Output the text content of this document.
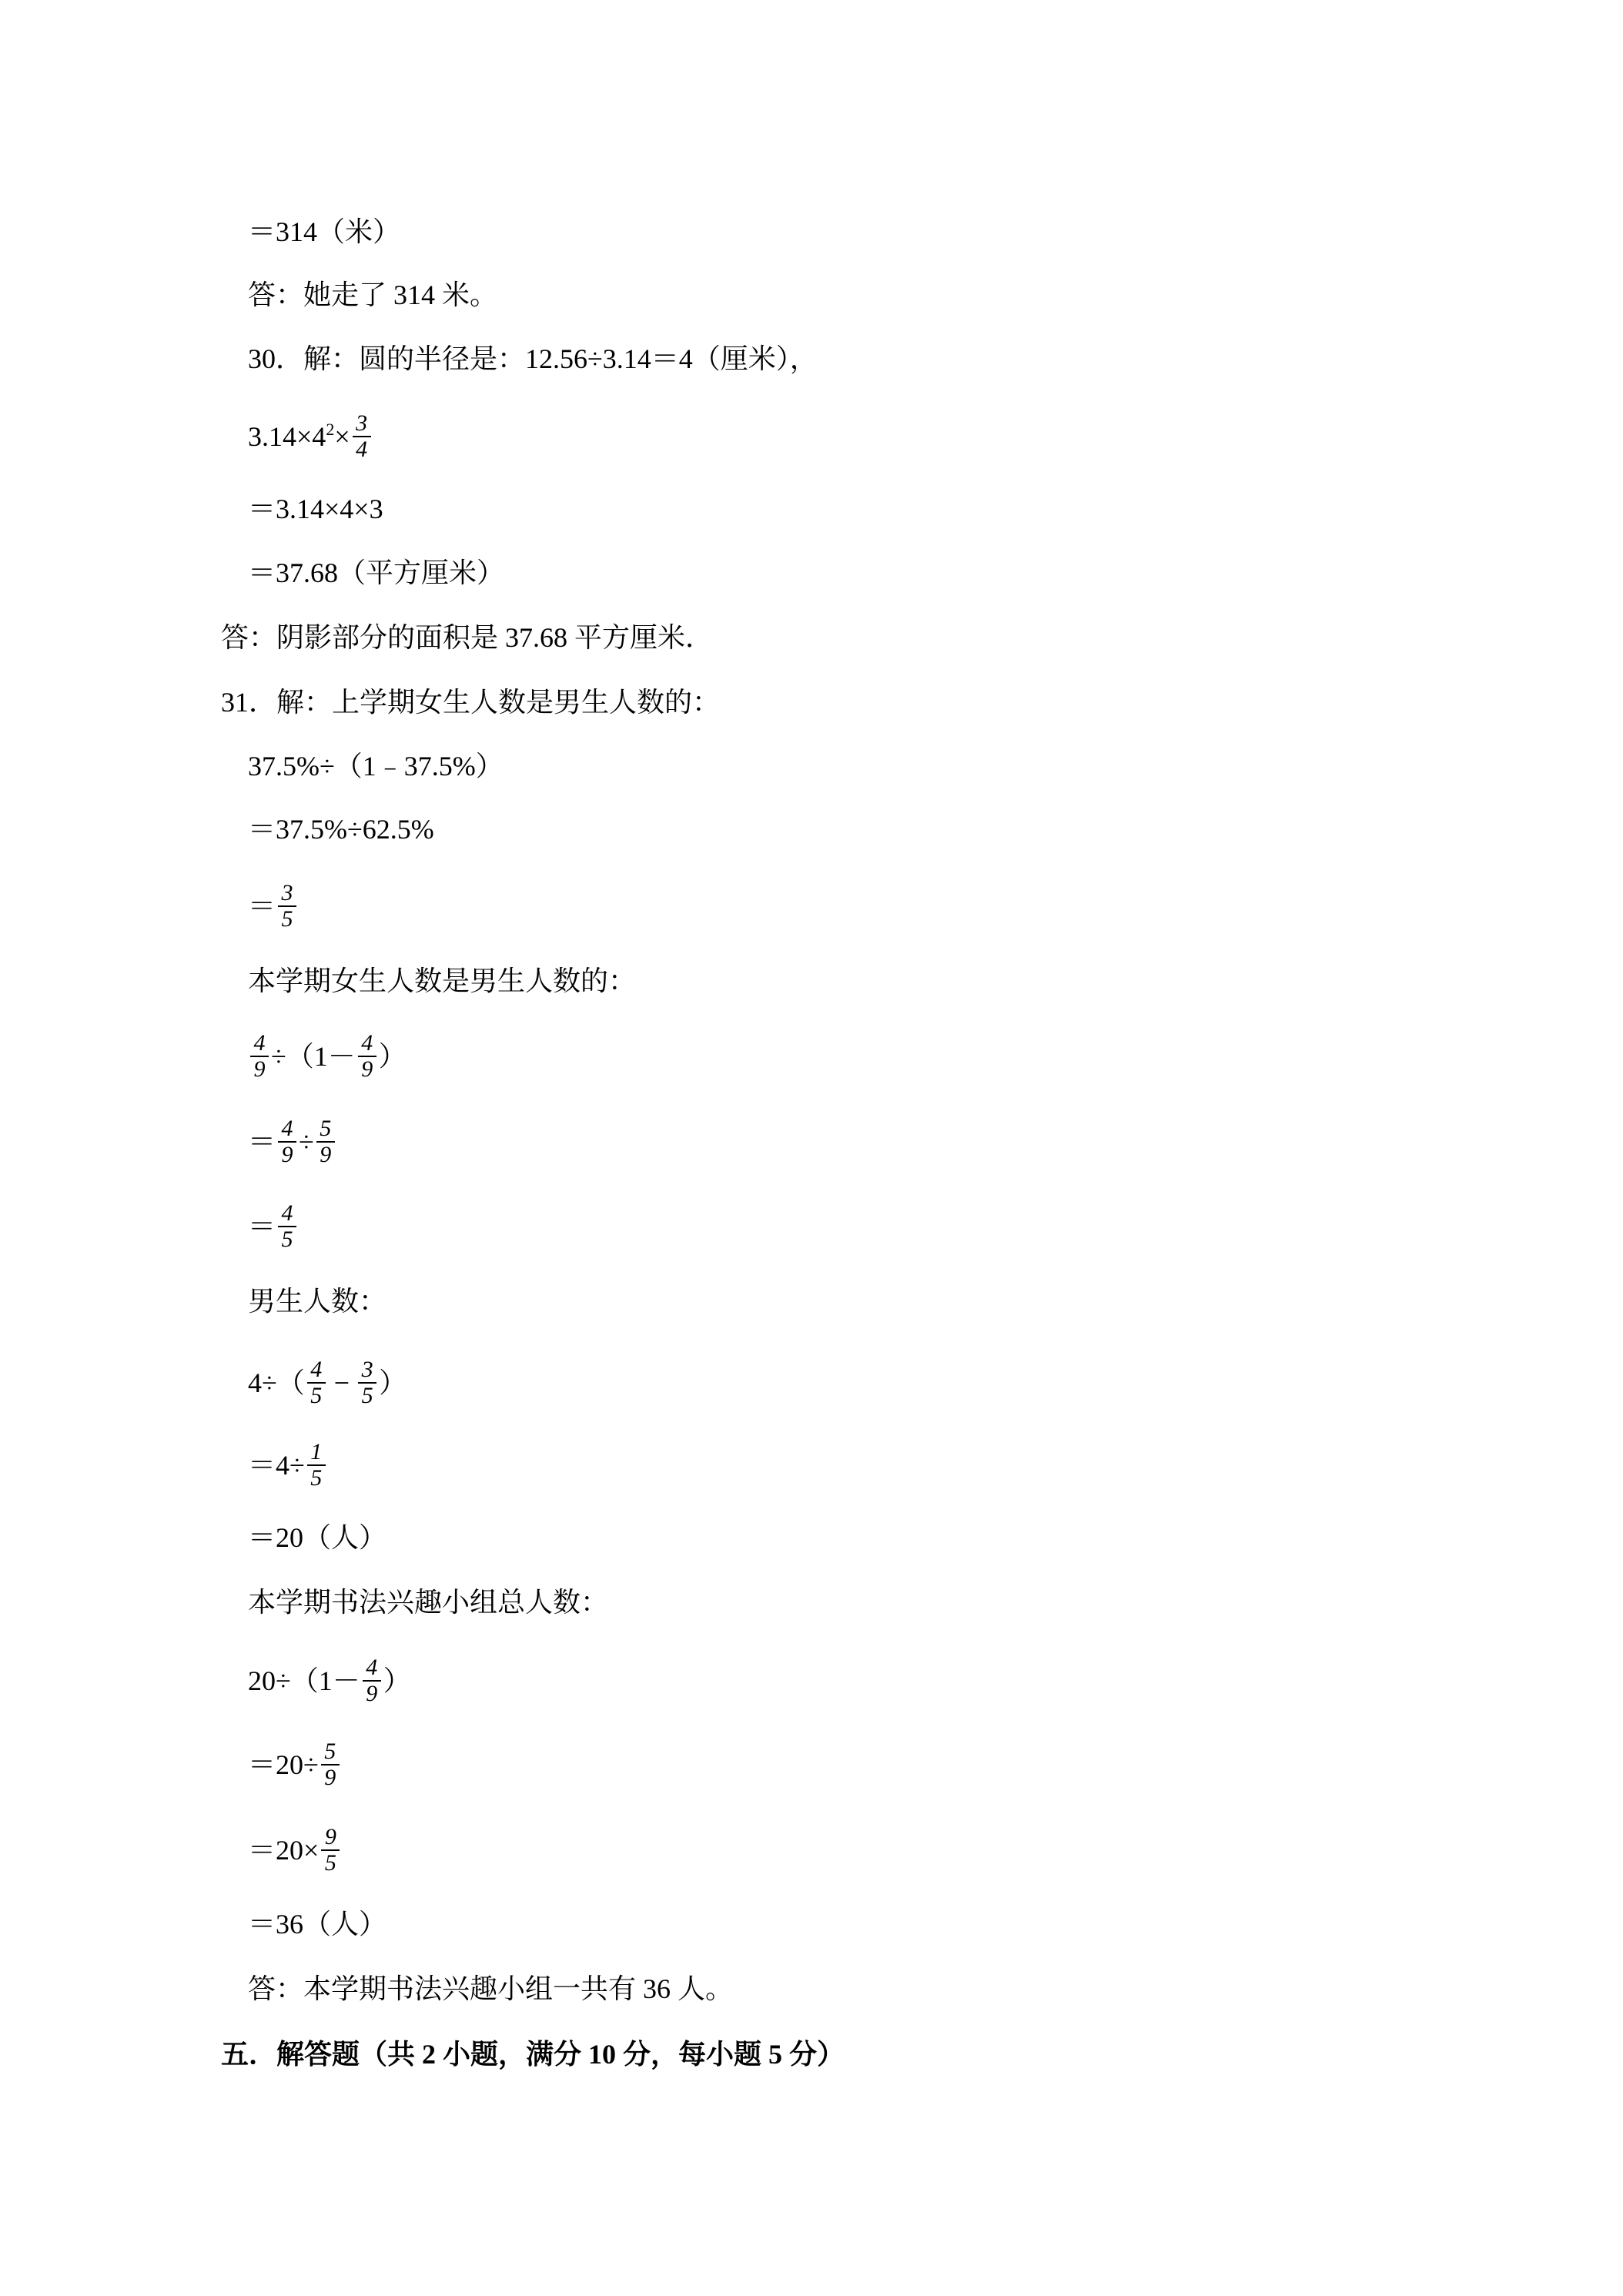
＝314（米）
答：她走了 314 米。
30．解：圆的半径是：12.56÷3.14＝4（厘米），
$3.14\times 4^2\times \frac{3}{4}$
＝3.14×4×3
＝37.68（平方厘米）
答：阴影部分的面积是 37.68 平方厘米．
31．解：上学期女生人数是男生人数的：
37.5%÷（1﹣37.5%）
＝37.5%÷62.5%
＝ $\frac{3}{5}$
本学期女生人数是男生人数的：
$\frac{4}{9} \div(1- \frac{4}{9}$ ）
＝ $\frac{4}{9} \div \frac{5}{9}$
＝ $\frac{4}{5}$
男生人数：
$4\div( \frac{4}{5} - \frac{3}{5}$ ）
$=4\div \frac{1}{5}$
＝20（人）
本学期书法兴趣小组总人数：
$20\div(1- \frac{4}{9}$ ）
$=20\div \frac{5}{9}$
$=20\times \frac{9}{5}$
＝36（人）
答：本学期书法兴趣小组一共有 36 人。
五．解答题（共 2 小题，满分 10 分，每小题 5 分）
